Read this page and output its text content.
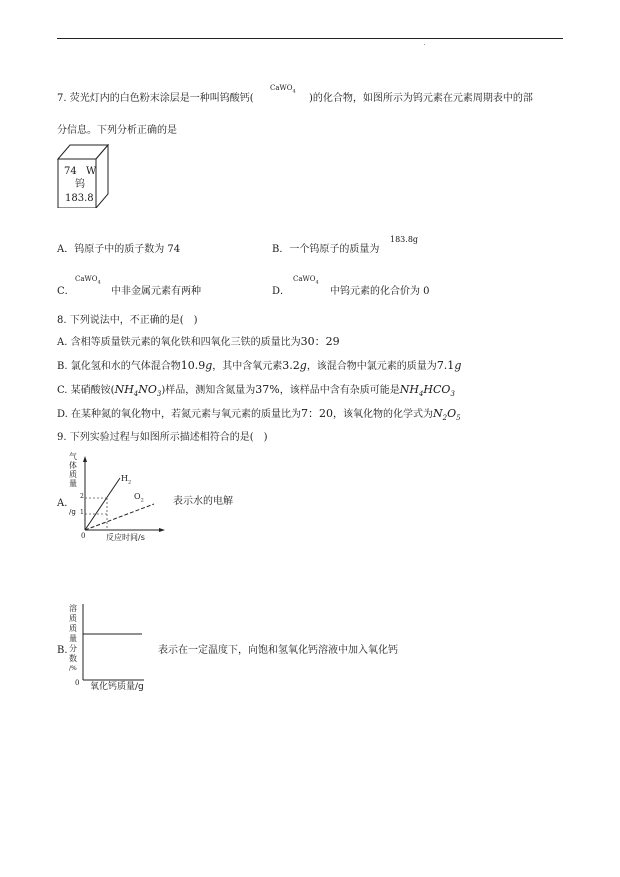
7. 荧光灯内的白色粉末涂层是一种叫钨酸钙(
CaWO$_4$
)的化合物，如图所示为钨元素在元素周期表中的部
分信息。下列分析正确的是
74 W
钨
183.8
A．钨原子中的质子数为 74	B．一个钨原子的质量为
183.8g
C．
CaWO$_4$
中非金属元素有两种	D．
CaWO$_4$
中钨元素的化合价为 0
8. 下列说法中，不正确的是(　)
A. 含相等质量铁元素的氧化铁和四氧化三铁的质量比为30：29
B. 氯化氢和水的气体混合物10.9g，其中含氧元素3.2g，该混合物中氯元素的质量为7.1g
C. 某硝酸铵$(NH_4NO_3)$样品，测知含氮量为37%，该样品中含有杂质可能是$NH_4HCO_3$
D. 在某种氮的氧化物中，若氮元素与氧元素的质量比为7：20，该氧化物的化学式为$N_2O_5$
9. 下列实验过程与如图所示描述相符合的是(　)
A.
气
体
质
量
/g
2
1
0	反应时间/s
$H_2$
$O_2$	表示水的电解
B.
溶
质
质
量
分
数
/%
0 氧化钙质量/g
表示在一定温度下，向饱和氢氧化钙溶液中加入氧化钙
